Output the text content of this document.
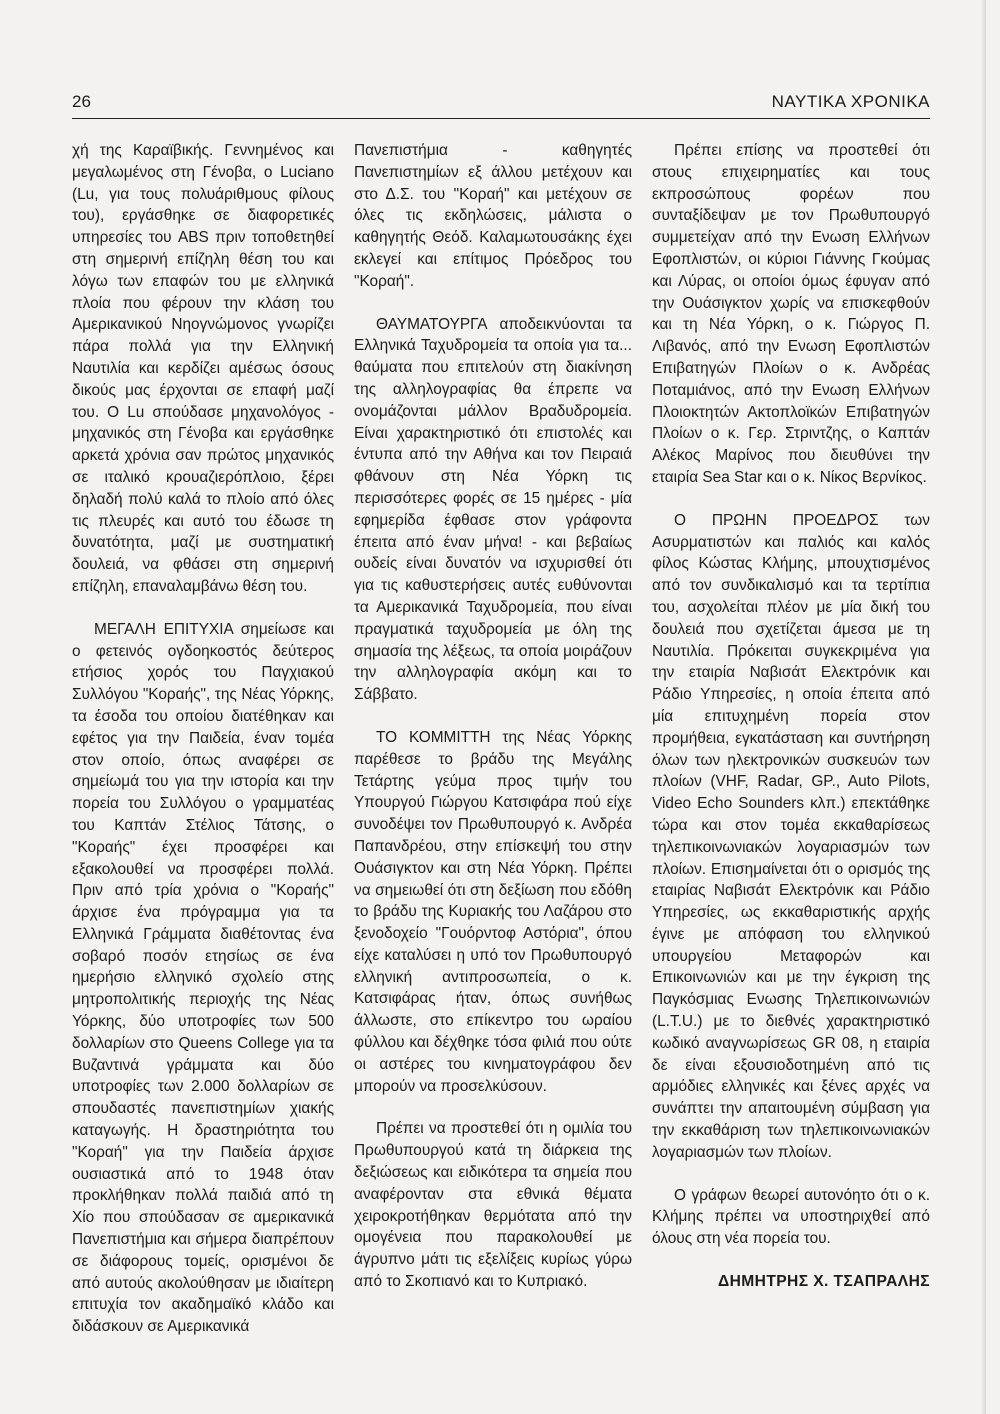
26	ΝΑΥΤΙΚΑ ΧΡΟΝΙΚΑ

χή της Καραϊβικής. Γεννημένος και μεγαλωμένος στη Γένοβα, ο Luciano (Lu, για τους πολυάριθμους φίλους του), εργάσθηκε σε διαφορετικές υπηρεσίες του ABS πριν τοποθετηθεί στη σημερινή επίζηλη θέση του και λόγω των επαφών του με ελληνικά πλοία που φέρουν την κλάση του Αμερικανικού Νηογνώμονος γνωρίζει πάρα πολλά για την Ελληνική Ναυτιλία και κερδίζει αμέσως όσους δικούς μας έρχονται σε επαφή μαζί του. Ο Lu σπούδασε μηχανολόγος - μηχανικός στη Γένοβα και εργάσθηκε αρκετά χρόνια σαν πρώτος μηχανικός σε ιταλικό κρουαζιερόπλοιο, ξέρει δηλαδή πολύ καλά το πλοίο από όλες τις πλευρές και αυτό του έδωσε τη δυνατότητα, μαζί με συστηματική δουλειά, να φθάσει στη σημερινή επίζηλη, επαναλαμβάνω θέση του.

ΜΕΓΑΛΗ ΕΠΙΤΥΧΙΑ σημείωσε και ο φετεινός ογδοηκοστός δεύτερος ετήσιος χορός του Παγχιακού Συλλόγου "Κοραής", της Νέας Υόρκης, τα έσοδα του οποίου διατέθηκαν και εφέτος για την Παιδεία, έναν τομέα στον οποίο, όπως αναφέρει σε σημείωμά του για την ιστορία και την πορεία του Συλλόγου ο γραμματέας του Καπτάν Στέλιος Τάτσης, ο "Κοραής" έχει προσφέρει και εξακολουθεί να προσφέρει πολλά. Πριν από τρία χρόνια ο "Κοραής" άρχισε ένα πρόγραμμα για τα Ελληνικά Γράμματα διαθέτοντας ένα σοβαρό ποσόν ετησίως σε ένα ημερήσιο ελληνικό σχολείο στης μητροπολιτικής περιοχής της Νέας Υόρκης, δύο υποτροφίες των 500 δολλαρίων στο Queens College για τα Βυζαντινά γράμματα και δύο υποτροφίες των 2.000 δολλαρίων σε σπουδαστές πανεπιστημίων χιακής καταγωγής. Η δραστηριότητα του "Κοραή" για την Παιδεία άρχισε ουσιαστικά από το 1948 όταν προκλήθηκαν πολλά παιδιά από τη Χίο που σπούδασαν σε αμερικανικά Πανεπιστήμια και σήμερα διαπρέπουν σε διάφορους τομείς, ορισμένοι δε από αυτούς ακολούθησαν με ιδιαίτερη επιτυχία τον ακαδημαϊκό κλάδο και διδάσκουν σε Αμερικανικά

Πανεπιστήμια - καθηγητές Πανεπιστημίων εξ άλλου μετέχουν και στο Δ.Σ. του "Κοραή" και μετέχουν σε όλες τις εκδηλώσεις, μάλιστα ο καθηγητής Θεόδ. Καλαμωτουσάκης έχει εκλεγεί και επίτιμος Πρόεδρος του "Κοραή".

ΘΑΥΜΑΤΟΥΡΓΑ αποδεικνύονται τα Ελληνικά Ταχυδρομεία τα οποία για τα... θαύματα που επιτελούν στη διακίνηση της αλληλογραφίας θα έπρεπε να ονομάζονται μάλλον Βραδυδρομεία. Είναι χαρακτηριστικό ότι επιστολές και έντυπα από την Αθήνα και τον Πειραιά φθάνουν στη Νέα Υόρκη τις περισσότερες φορές σε 15 ημέρες - μία εφημερίδα έφθασε στον γράφοντα έπειτα από έναν μήνα! - και βεβαίως ουδείς είναι δυνατόν να ισχυρισθεί ότι για τις καθυστερήσεις αυτές ευθύνονται τα Αμερικανικά Ταχυδρομεία, που είναι πραγματικά ταχυδρομεία με όλη της σημασία της λέξεως, τα οποία μοιράζουν την αλληλογραφία ακόμη και το Σάββατο.

ΤΟ ΚΟΜΜΙΤΤΗ της Νέας Υόρκης παρέθεσε το βράδυ της Μεγάλης Τετάρτης γεύμα προς τιμήν του Υπουργού Γιώργου Κατσιφάρα πού είχε συνοδέψει τον Πρωθυπουργό κ. Ανδρέα Παπανδρέου, στην επίσκεψή του στην Ουάσιγκτον και στη Νέα Υόρκη. Πρέπει να σημειωθεί ότι στη δεξίωση που εδόθη το βράδυ της Κυριακής του Λαζάρου στο ξενοδοχείο "Γουόρντοφ Αστόρια", όπου είχε καταλύσει η υπό τον Πρωθυπουργό ελληνική αντιπροσωπεία, ο κ. Κατσιφάρας ήταν, όπως συνήθως άλλωστε, στο επίκεντρο του ωραίου φύλλου και δέχθηκε τόσα φιλιά που ούτε οι αστέρες του κινηματογράφου δεν μπορούν να προσελκύσουν.

Πρέπει να προστεθεί ότι η ομιλία του Πρωθυπουργού κατά τη διάρκεια της δεξιώσεως και ειδικότερα τα σημεία που αναφέρονταν στα εθνικά θέματα χειροκροτήθηκαν θερμότατα από την ομογένεια που παρακολουθεί με άγρυπνο μάτι τις εξελίξεις κυρίως γύρω από το Σκοπιανό και το Κυπριακό.

Πρέπει επίσης να προστεθεί ότι στους επιχειρηματίες και τους εκπροσώπους φορέων που συνταξίδεψαν με τον Πρωθυπουργό συμμετείχαν από την Ενωση Ελλήνων Εφοπλιστών, οι κύριοι Γιάννης Γκούμας και Λύρας, οι οποίοι όμως έφυγαν από την Ουάσιγκτον χωρίς να επισκεφθούν και τη Νέα Υόρκη, ο κ. Γιώργος Π. Λιβανός, από την Ενωση Εφοπλιστών Επιβατηγών Πλοίων ο κ. Ανδρέας Ποταμιάνος, από την Ενωση Ελλήνων Πλοιοκτητών Ακτοπλοϊκών Επιβατηγών Πλοίων ο κ. Γερ. Στριντζης, ο Καπτάν Αλέκος Μαρίνος που διευθύνει την εταιρία Sea Star και ο κ. Νίκος Βερνίκος.

Ο ΠΡΩΗΝ ΠΡΟΕΔΡΟΣ των Ασυρματιστών και παλιός και καλός φίλος Κώστας Κλήμης, μπουχτισμένος από τον συνδικαλισμό και τα τερτίπια του, ασχολείται πλέον με μία δική του δουλειά που σχετίζεται άμεσα με τη Ναυτιλία. Πρόκειται συγκεκριμένα για την εταιρία Ναβισάτ Ελεκτρόνικ και Ράδιο Υπηρεσίες, η οποία έπειτα από μία επιτυχημένη πορεία στον προμήθεια, εγκατάσταση και συντήρηση όλων των ηλεκτρονικών συσκευών των πλοίων (VHF, Radar, GP., Auto Pilots, Video Echo Sounders κλπ.) επεκτάθηκε τώρα και στον τομέα εκκαθαρίσεως τηλεπικοινωνιακών λογαριασμών των πλοίων. Επισημαίνεται ότι ο ορισμός της εταιρίας Ναβισάτ Ελεκτρόνικ και Ράδιο Υπηρεσίες, ως εκκαθαριστικής αρχής έγινε με απόφαση του ελληνικού υπουργείου Μεταφορών και Επικοινωνιών και με την έγκριση της Παγκόσμιας Ενωσης Τηλεπικοινωνιών (L.T.U.) με το διεθνές χαρακτηριστικό κωδικό αναγνωρίσεως GR 08, η εταιρία δε είναι εξουσιοδοτημένη από τις αρμόδιες ελληνικές και ξένες αρχές να συνάπτει την απαιτουμένη σύμβαση για την εκκαθάριση των τηλεπικοινωνιακών λογαριασμών των πλοίων.

Ο γράφων θεωρεί αυτονόητο ότι ο κ. Κλήμης πρέπει να υποστηριχθεί από όλους στη νέα πορεία του.

ΔΗΜΗΤΡΗΣ Χ. ΤΣΑΠΡΑΛΗΣ
